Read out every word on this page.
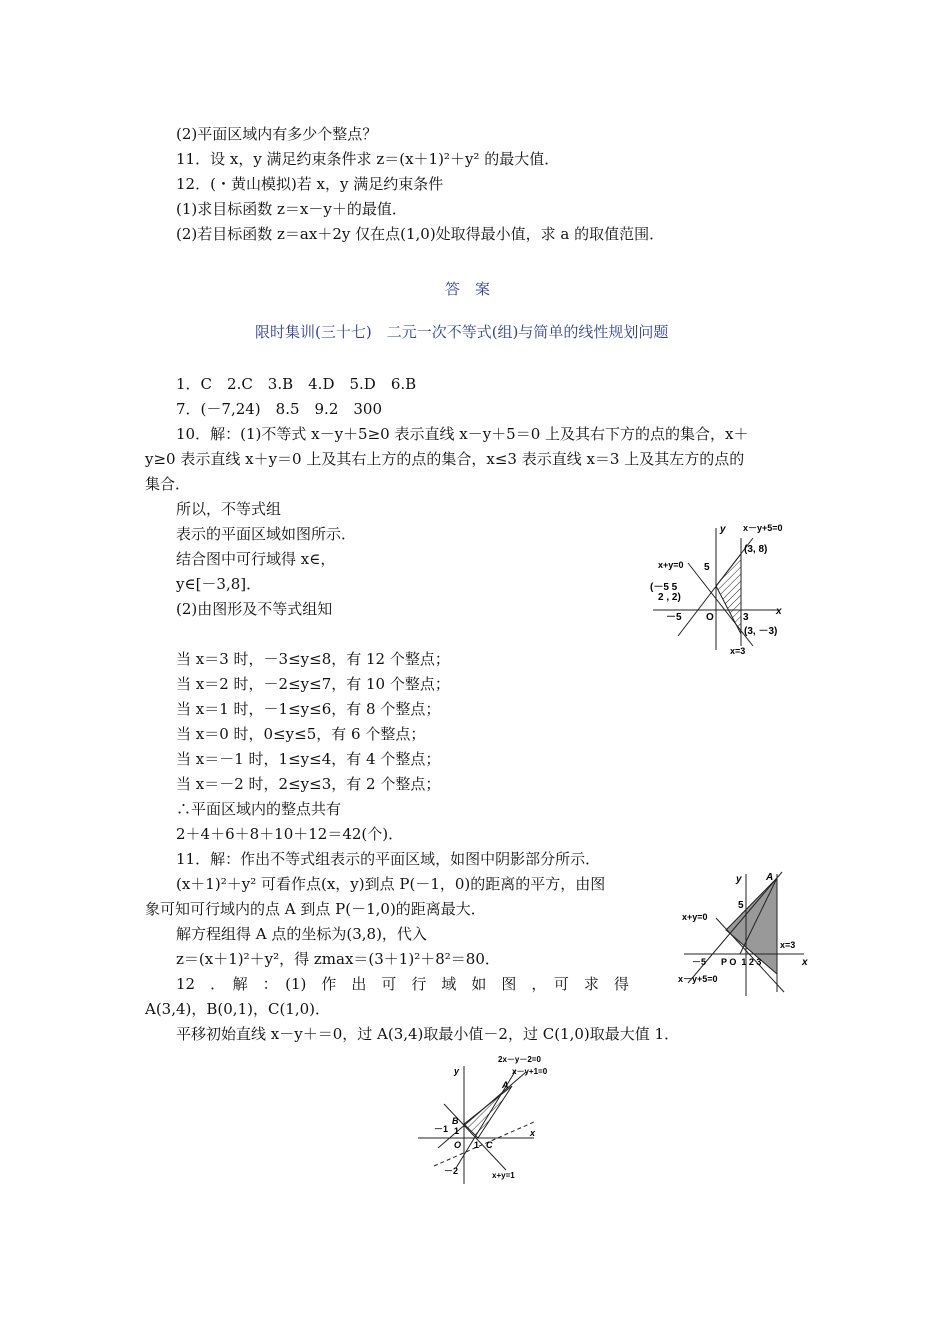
(2)平面区域内有多少个整点？
11．设 x，y 满足约束条件求 z＝(x＋1)²＋y² 的最大值．
12．(・黄山模拟)若 x，y 满足约束条件
(1)求目标函数 z＝x－y＋的最值．
(2)若目标函数 z＝ax＋2y 仅在点(1,0)处取得最小值，求 a 的取值范围．
答　案
限时集训(三十七)　二元一次不等式(组)与简单的线性规划问题
1．C　2.C　3.B　4.D　5.D　6.B
7．(－7,24)　8.5　9.2　300
10．解：(1)不等式 x－y＋5≥0 表示直线 x－y＋5＝0 上及其右下方的点的集合，x＋
y≥0 表示直线 x＋y＝0 上及其右上方的点的集合，x≤3 表示直线 x＝3 上及其左方的点的
集合．
所以，不等式组
表示的平面区域如图所示．
结合图中可行域得 x∈，
y∈[－3,8]．
(2)由图形及不等式组知
当 x＝3 时，－3≤y≤8，有 12 个整点；
当 x＝2 时，－2≤y≤7，有 10 个整点；
当 x＝1 时，－1≤y≤6，有 8 个整点；
当 x＝0 时，0≤y≤5，有 6 个整点；
当 x＝－1 时，1≤y≤4，有 4 个整点；
当 x＝－2 时，2≤y≤3，有 2 个整点；
∴平面区域内的整点共有
2＋4＋6＋8＋10＋12＝42(个)．
11．解：作出不等式组表示的平面区域，如图中阴影部分所示．
(x＋1)²＋y² 可看作点(x，y)到点 P(－1，0)的距离的平方，由图
象可知可行域内的点 A 到点 P(－1,0)的距离最大．
解方程组得 A 点的坐标为(3,8)，代入
z＝(x＋1)²＋y²，得 zmax＝(3＋1)²＋8²＝80．
12　．　解　：　(1)　作　出　可　行　域　如　图　，　可　求　得
A(3,4)，B(0,1)，C(1,0)．
平移初始直线 x－y＋＝0，过 A(3,4)取最小值－2，过 C(1,0)取最大值 1．
x－y+5=0
(3, 8)
x+y=0 5
(－5 5
2 , 2)
－5 O	3
x
y
(3, －3)
x=3
y A
5
x+y=0
x=3
－5      P O  1 2 3	x
x－y+5=0
2x－y－2=0
x－y+1=0
y
A
B
－1 1
O 1 C
x
－2	x+y=1
